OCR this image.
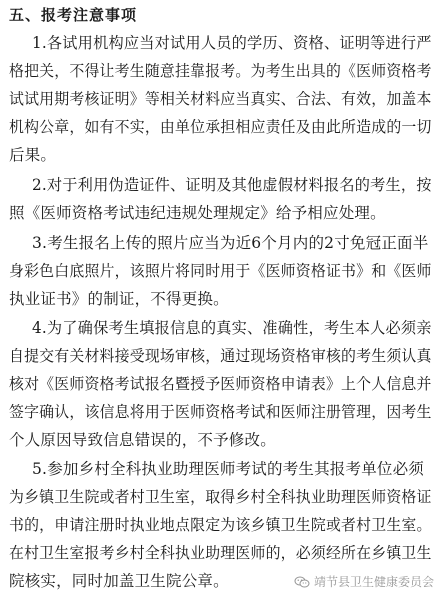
五、报考注意事项
1.各试用机构应当对试用人员的学历、资格、证明等进行严
格把关，不得让考生随意挂靠报考。为考生出具的《医师资格考
试试用期考核证明》等相关材料应当真实、合法、有效，加盖本
机构公章，如有不实，由单位承担相应责任及由此所造成的一切
后果。
2.对于利用伪造证件、证明及其他虚假材料报名的考生，按
照《医师资格考试违纪违规处理规定》给予相应处理。
3.考生报名上传的照片应当为近6个月内的2寸免冠正面半
身彩色白底照片，该照片将同时用于《医师资格证书》和《医师
执业证书》的制证，不得更换。
4.为了确保考生填报信息的真实、准确性，考生本人必须亲
自提交有关材料接受现场审核，通过现场资格审核的考生须认真
核对《医师资格考试报名暨授予医师资格申请表》上个人信息并
签字确认，该信息将用于医师资格考试和医师注册管理，因考生
个人原因导致信息错误的，不予修改。
5.参加乡村全科执业助理医师考试的考生其报考单位必须
为乡镇卫生院或者村卫生室，取得乡村全科执业助理医师资格证
书的，申请注册时执业地点限定为该乡镇卫生院或者村卫生室。
在村卫生室报考乡村全科执业助理医师的，必须经所在乡镇卫生
院核实，同时加盖卫生院公章。	靖节县卫生健康委员会
